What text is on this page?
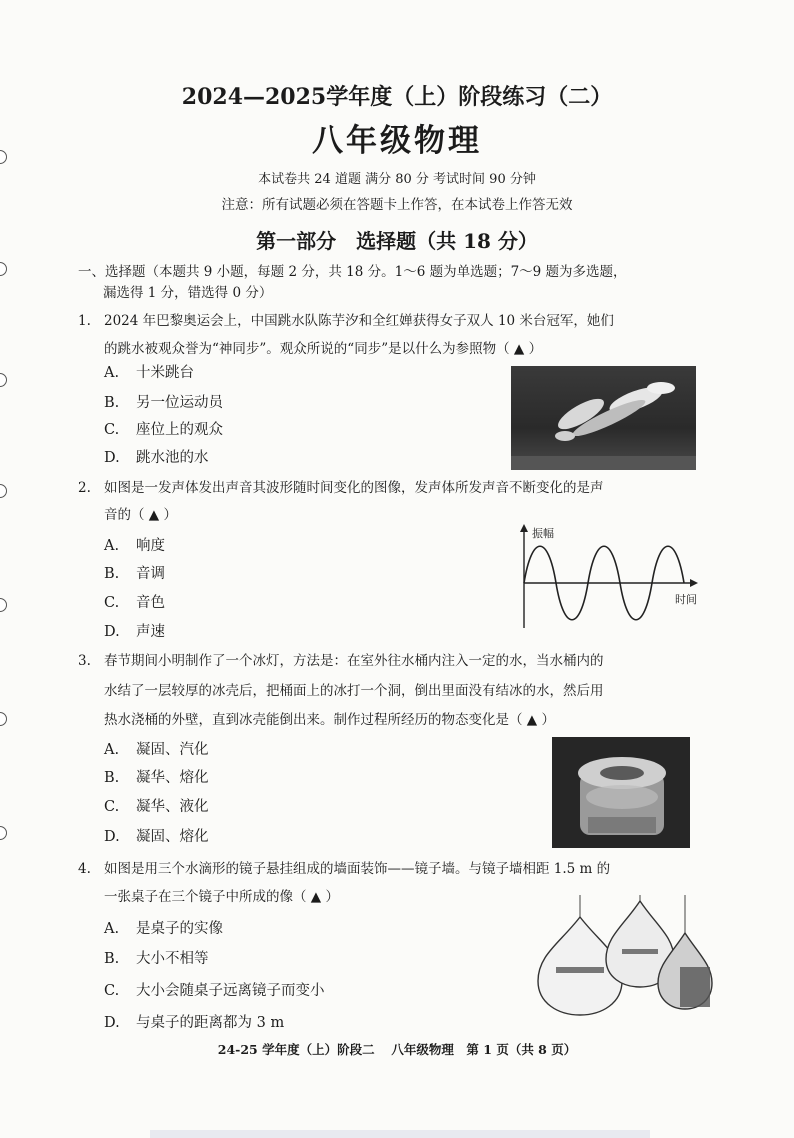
2024—2025学年度（上）阶段练习（二）
八年级物理
本试卷共 24 道题 满分 80 分 考试时间 90 分钟
注意：所有试题必须在答题卡上作答，在本试卷上作答无效
第一部分　选择题（共 18 分）
一、选择题（本题共 9 小题，每题 2 分，共 18 分。1～6 题为单选题；7～9 题为多选题，
漏选得 1 分，错选得 0 分）
1. 2024 年巴黎奥运会上，中国跳水队陈芋汐和全红婵获得女子双人 10 米台冠军，她们
的跳水被观众誉为“神同步”。观众所说的“同步”是以什么为参照物（ ▲ ）
A. 十米跳台
B. 另一位运动员
C. 座位上的观众
D. 跳水池的水
2. 如图是一发声体发出声音其波形随时间变化的图像，发声体所发声音不断变化的是声
音的（ ▲ ）
A. 响度
B. 音调
C. 音色
D. 声速
振幅
时间
3. 春节期间小明制作了一个冰灯，方法是：在室外往水桶内注入一定的水，当水桶内的
水结了一层较厚的冰壳后，把桶面上的冰打一个洞，倒出里面没有结冰的水，然后用
热水浇桶的外壁，直到冰壳能倒出来。制作过程所经历的物态变化是（ ▲ ）
A. 凝固、汽化
B. 凝华、熔化
C. 凝华、液化
D. 凝固、熔化
4. 如图是用三个水滴形的镜子悬挂组成的墙面装饰——镜子墙。与镜子墙相距 1.5 m 的
一张桌子在三个镜子中所成的像（ ▲ ）
A. 是桌子的实像
B. 大小不相等
C. 大小会随桌子远离镜子而变小
D. 与桌子的距离都为 3 m
24-25 学年度（上）阶段二　 八年级物理　第 1 页（共 8 页）
